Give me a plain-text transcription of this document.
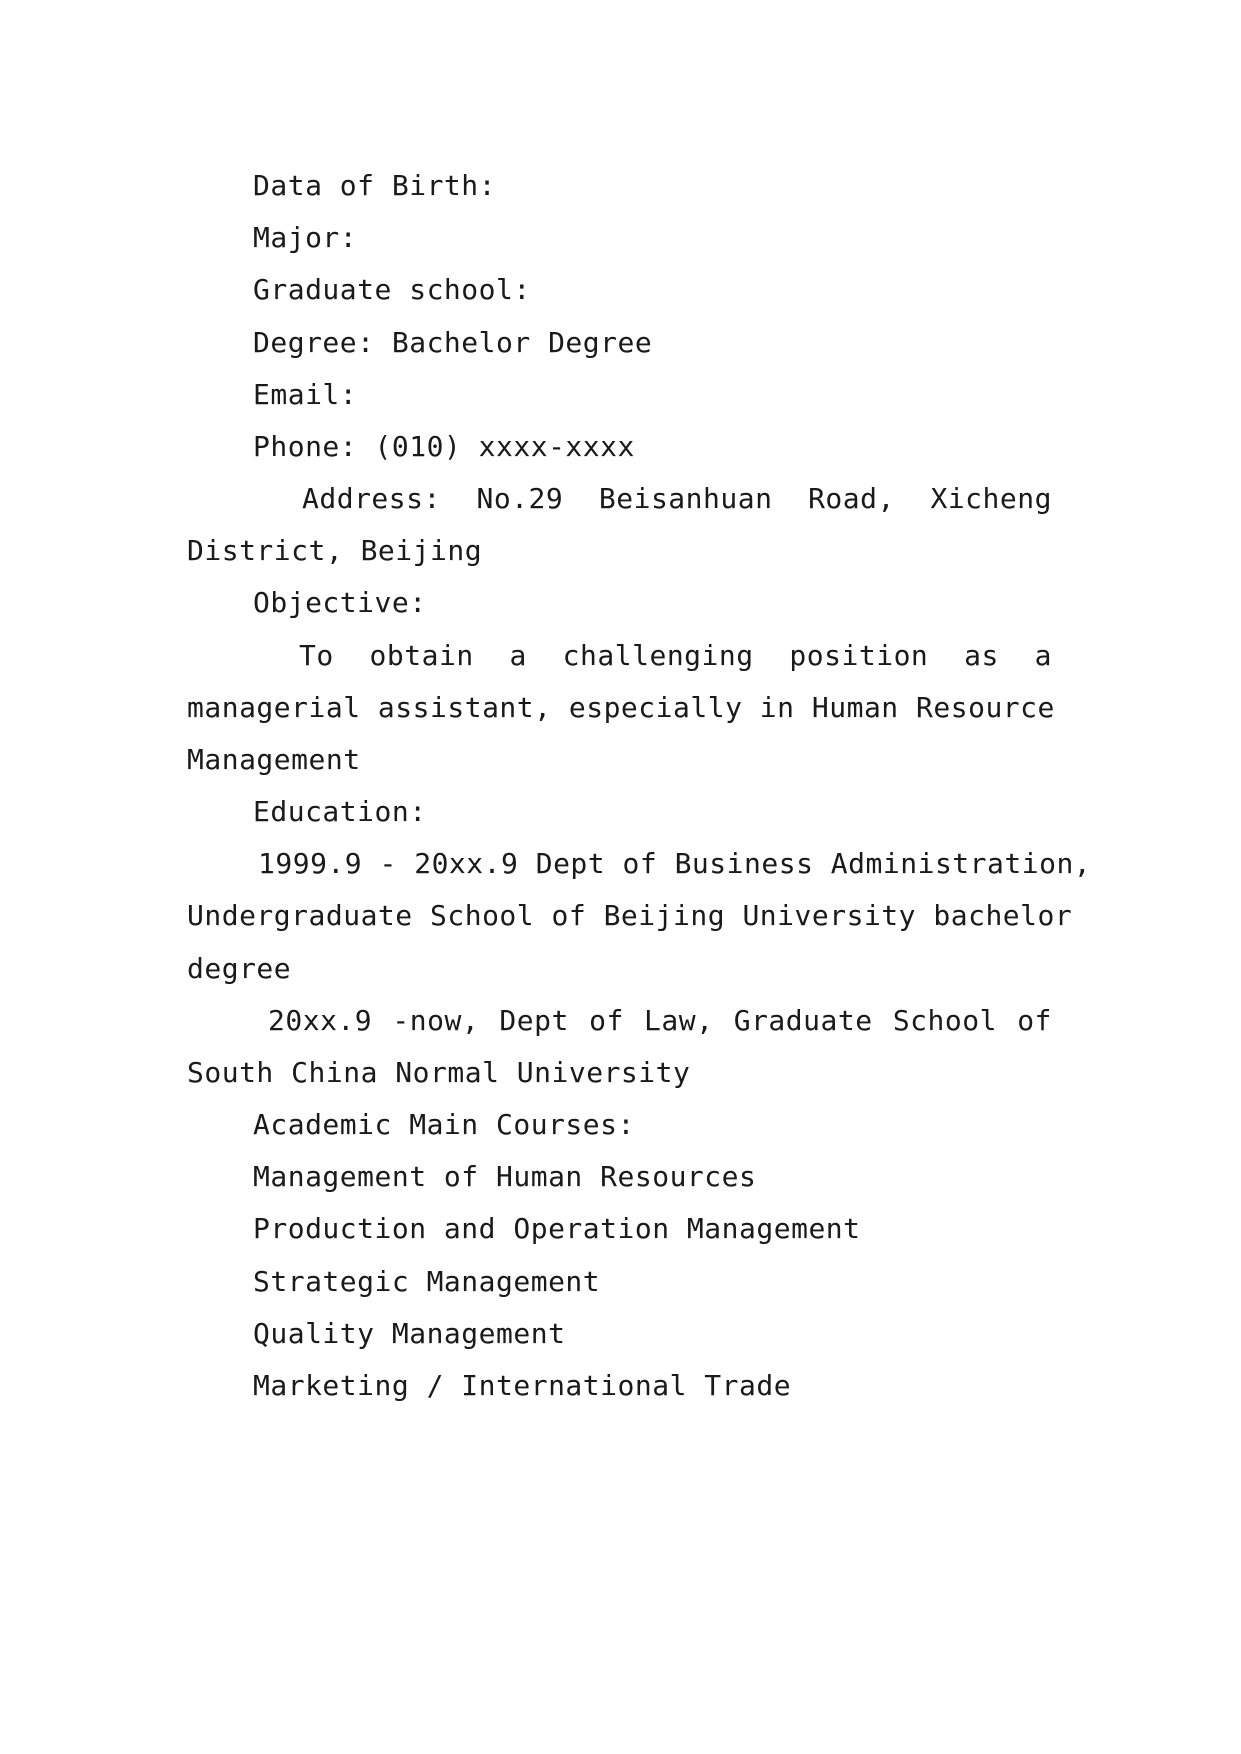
Data of Birth:
Major:
Graduate school:
Degree: Bachelor Degree
Email:
Phone: (010) xxxx-xxxx
Address: No.29 Beisanhuan Road, Xicheng
District, Beijing
Objective:
To obtain a challenging position as a
managerial assistant, especially in Human Resource
Management
Education:
1999.9 - 20xx.9 Dept of Business Administration,
Undergraduate School of Beijing University bachelor
degree
20xx.9 -now, Dept of Law, Graduate School of
South China Normal University
Academic Main Courses:
Management of Human Resources
Production and Operation Management
Strategic Management
Quality Management
Marketing / International Trade
